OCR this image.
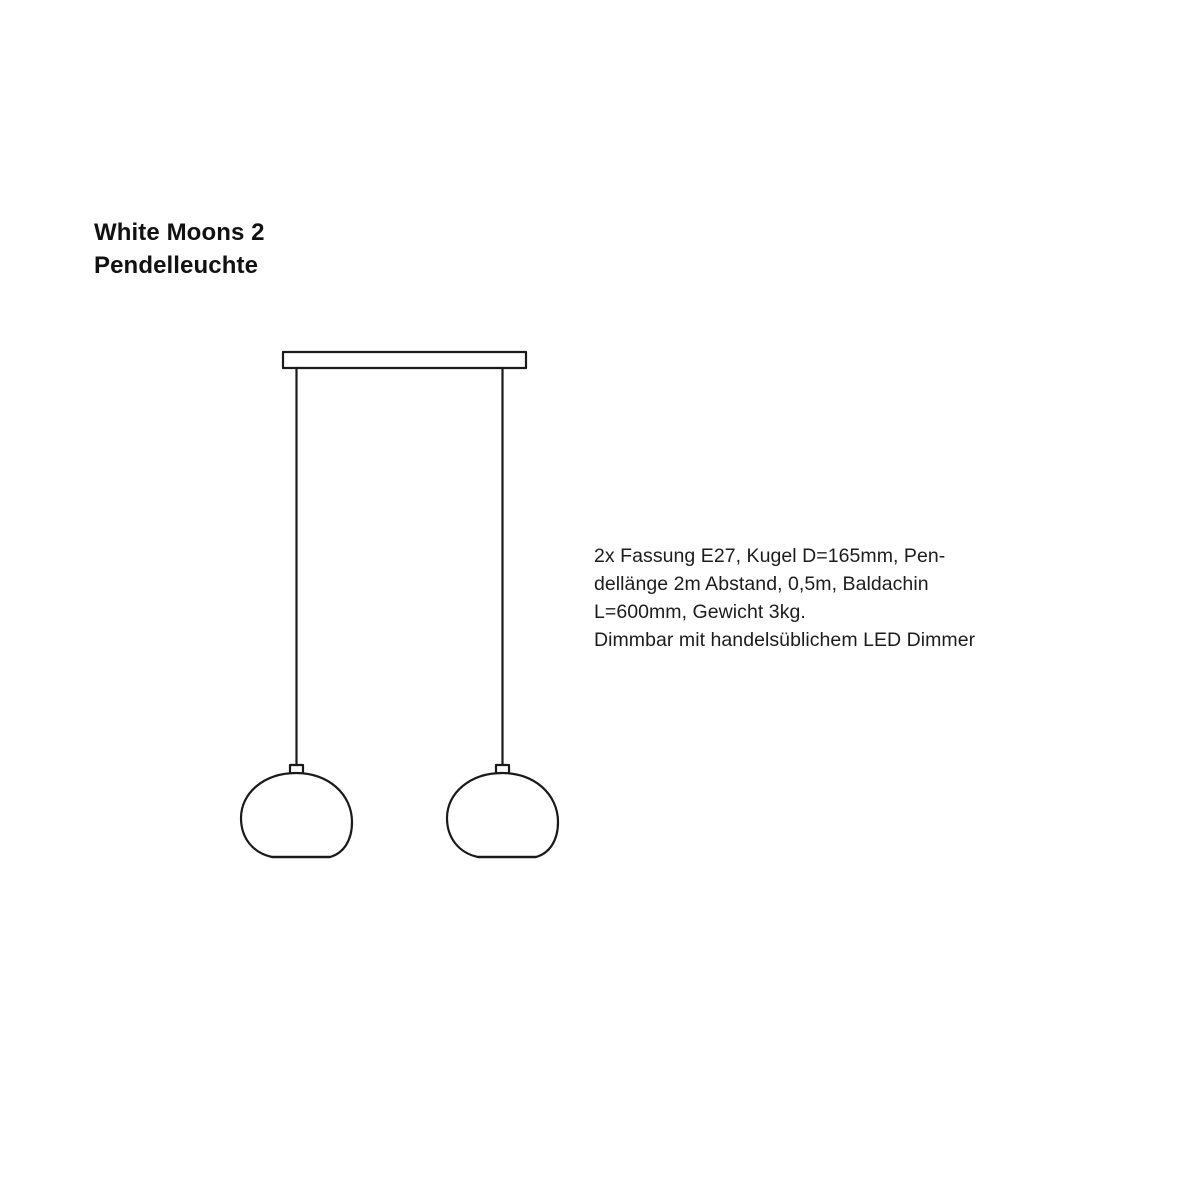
White Moons 2
Pendelleuchte
2x Fassung E27, Kugel D=165mm, Pen-
dellänge 2m Abstand, 0,5m, Baldachin
L=600mm, Gewicht 3kg.
Dimmbar mit handelsüblichem LED Dimmer
